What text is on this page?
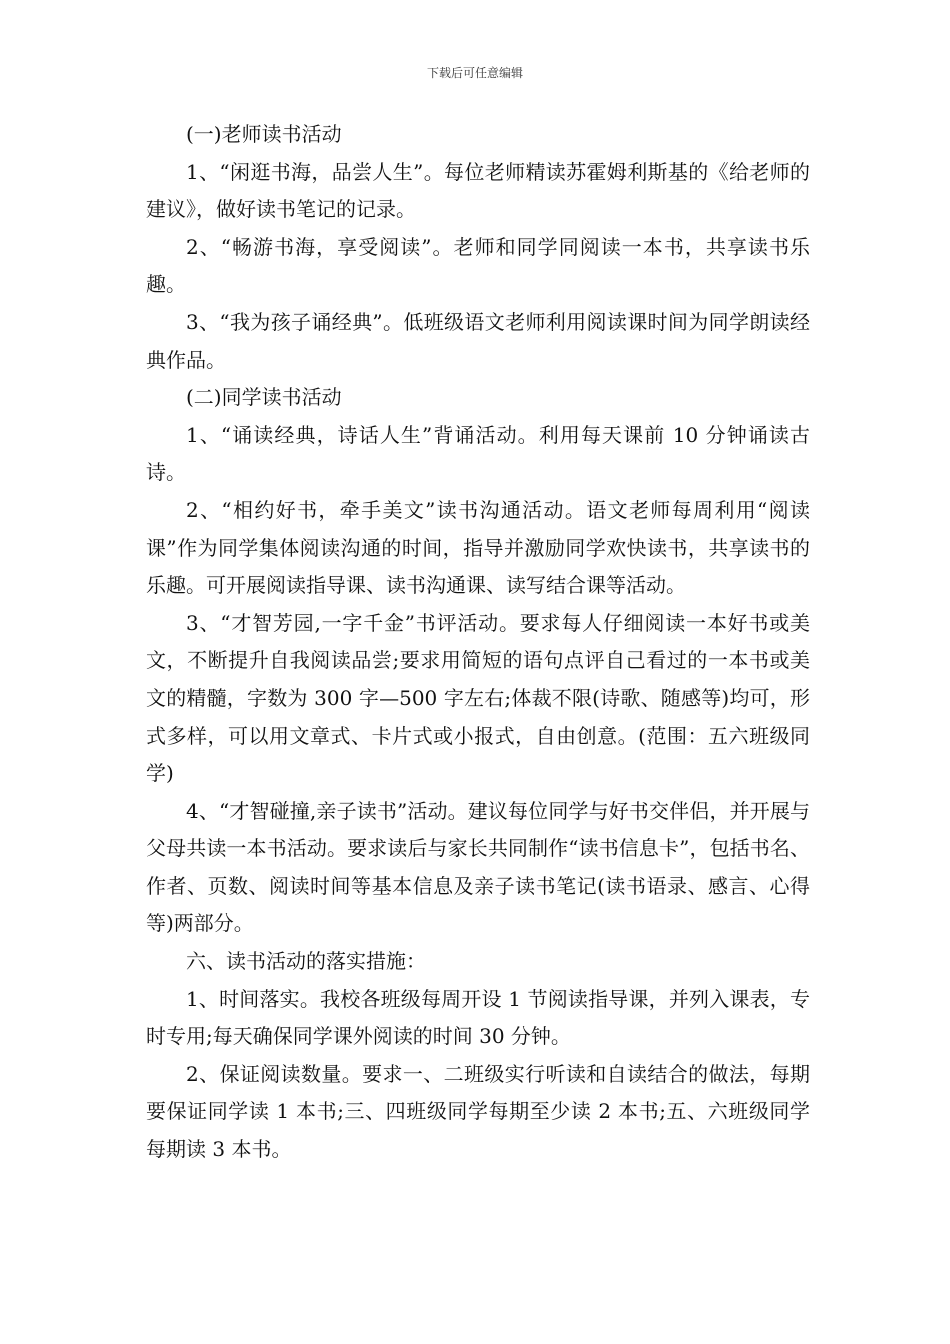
下载后可任意编辑

(一)老师读书活动

1、“闲逛书海，品尝人生”。每位老师精读苏霍姆利斯基的《给老师的建议》，做好读书笔记的记录。

2、“畅游书海，享受阅读”。老师和同学同阅读一本书，共享读书乐趣。

3、“我为孩子诵经典”。低班级语文老师利用阅读课时间为同学朗读经典作品。

(二)同学读书活动

1、“诵读经典，诗话人生”背诵活动。利用每天课前 10 分钟诵读古诗。

2、“相约好书，牵手美文”读书沟通活动。语文老师每周利用“阅读课”作为同学集体阅读沟通的时间，指导并激励同学欢快读书，共享读书的乐趣。可开展阅读指导课、读书沟通课、读写结合课等活动。

3、“才智芳园,一字千金”书评活动。要求每人仔细阅读一本好书或美文，不断提升自我阅读品尝;要求用简短的语句点评自己看过的一本书或美文的精髓，字数为 300 字—500 字左右;体裁不限(诗歌、随感等)均可，形式多样，可以用文章式、卡片式或小报式，自由创意。(范围：五六班级同学)

4、“才智碰撞,亲子读书”活动。建议每位同学与好书交伴侣，并开展与父母共读一本书活动。要求读后与家长共同制作“读书信息卡”，包括书名、作者、页数、阅读时间等基本信息及亲子读书笔记(读书语录、感言、心得等)两部分。

六、读书活动的落实措施：

1、时间落实。我校各班级每周开设 1 节阅读指导课，并列入课表，专时专用;每天确保同学课外阅读的时间 30 分钟。

2、保证阅读数量。要求一、二班级实行听读和自读结合的做法，每期要保证同学读 1 本书;三、四班级同学每期至少读 2 本书;五、六班级同学每期读 3 本书。
